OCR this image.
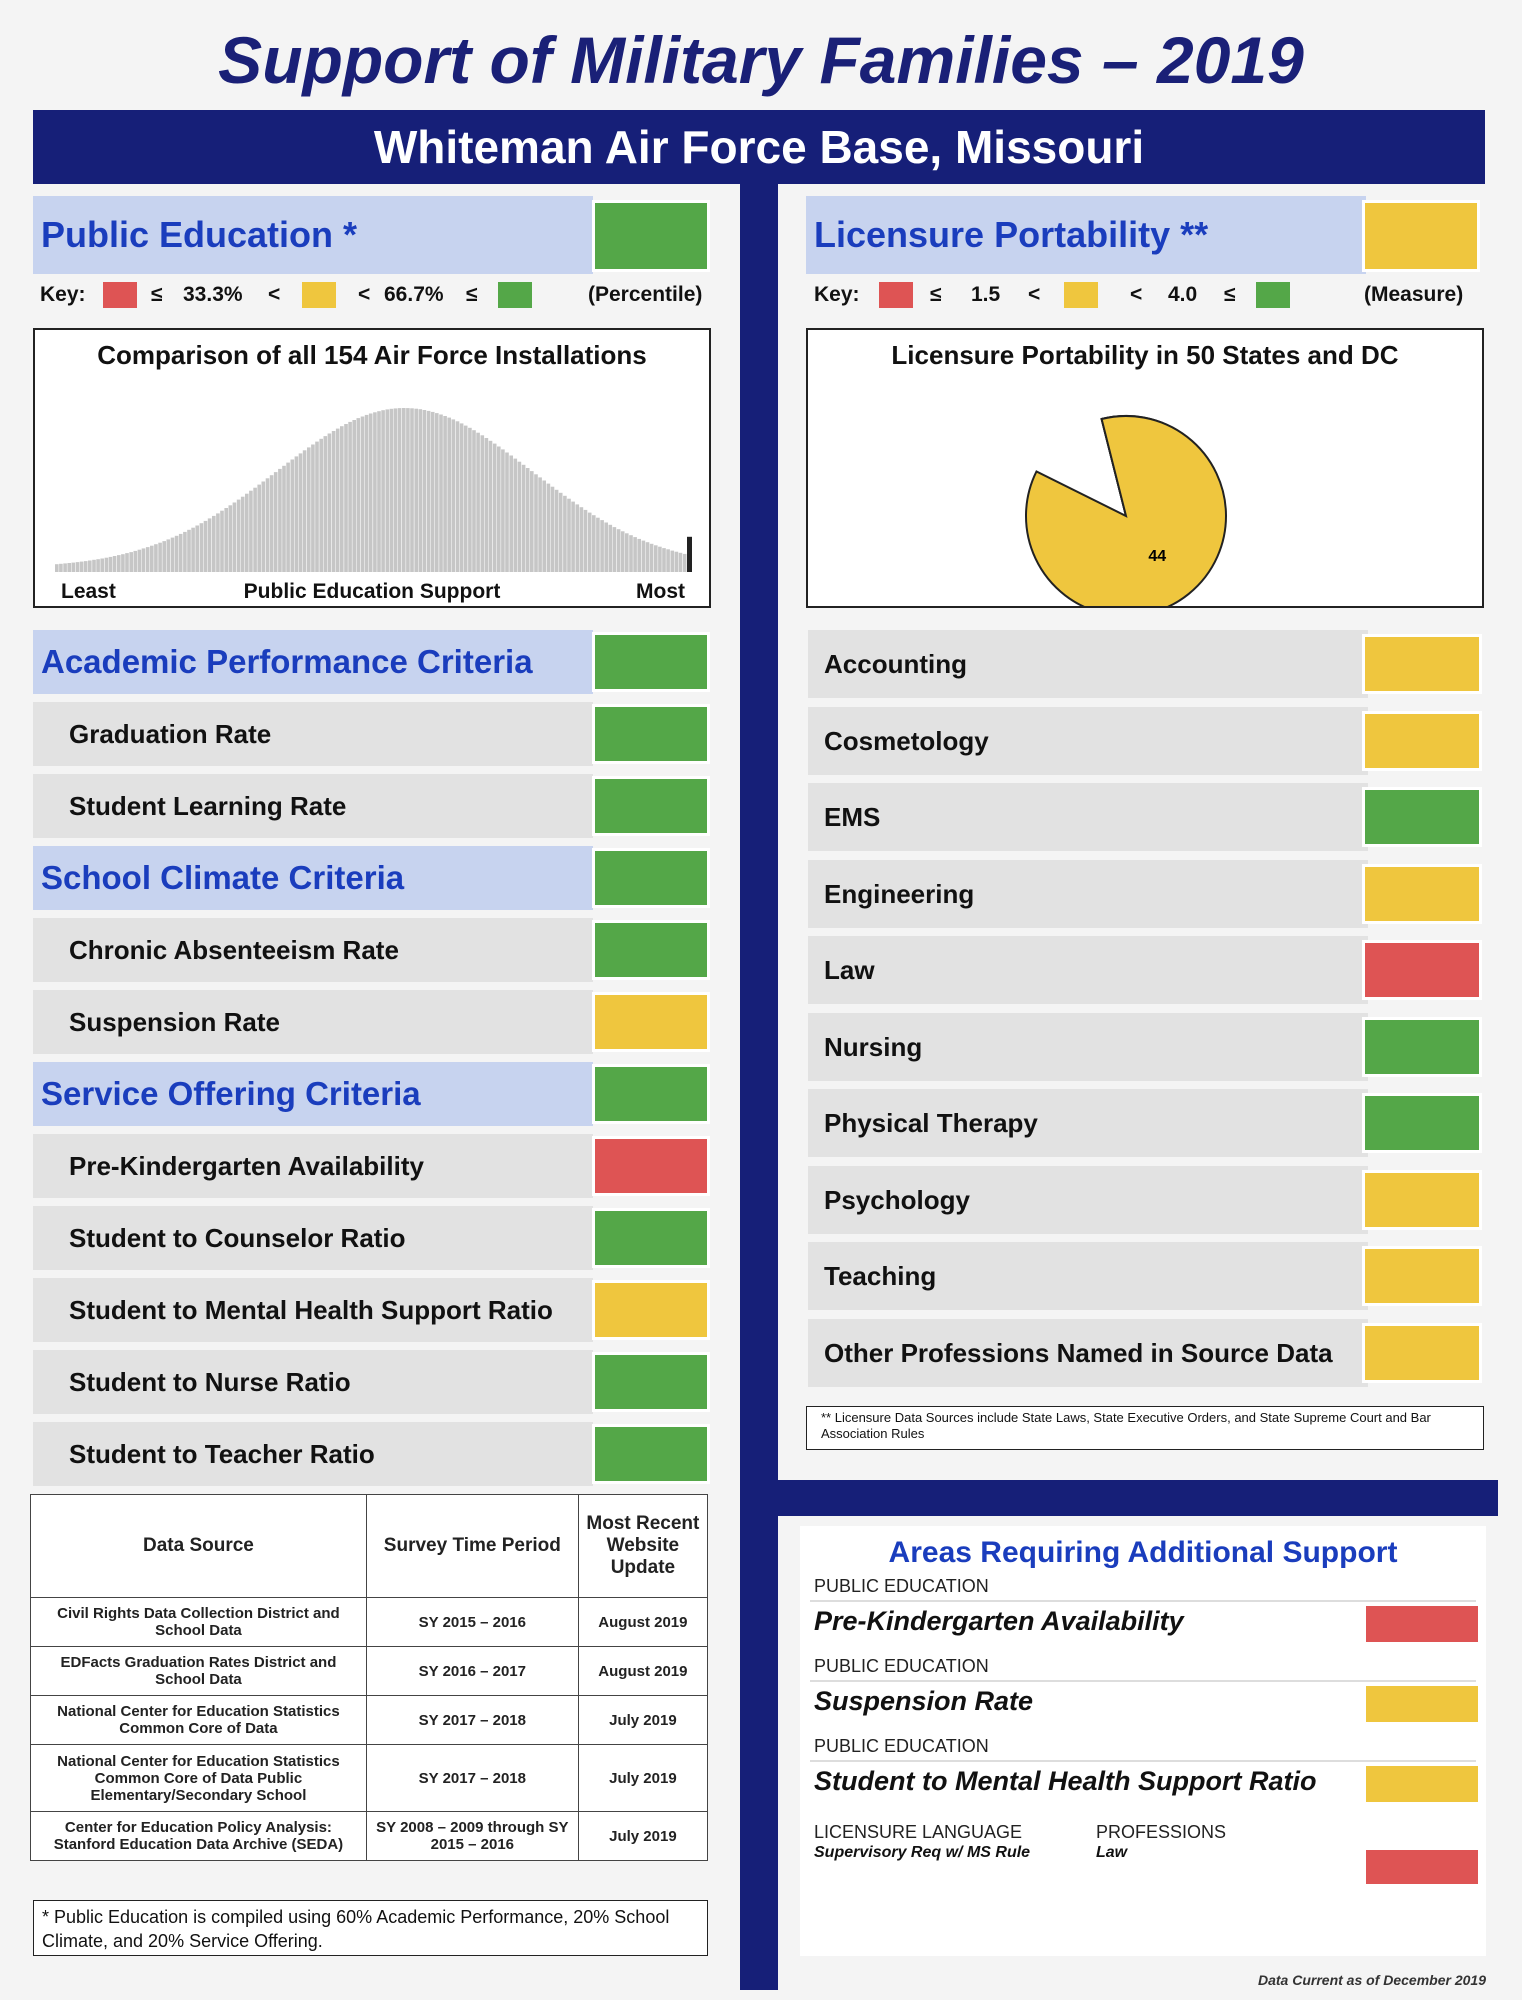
Support of Military Families – 2019
Whiteman Air Force Base, Missouri
Public Education *
Key:	≤ 33.3% <	< 66.7% ≤	(Percentile)
Comparison of all 154 Air Force Installations
Least	Public Education Support	Most
Academic Performance Criteria
Graduation Rate
Student Learning Rate
School Climate Criteria
Chronic Absenteeism Rate
Suspension Rate
Service Offering Criteria
Pre-Kindergarten Availability
Student to Counselor Ratio
Student to Mental Health Support Ratio
Student to Nurse Ratio
Student to Teacher Ratio
Data Source	Survey Time Period	Most Recent Website Update
Civil Rights Data Collection District and School Data	SY 2015 – 2016	August 2019
EDFacts Graduation Rates District and School Data	SY 2016 – 2017	August 2019
National Center for Education Statistics Common Core of Data	SY 2017 – 2018	July 2019
National Center for Education Statistics Common Core of Data Public Elementary/Secondary School	SY 2017 – 2018	July 2019
Center for Education Policy Analysis: Stanford Education Data Archive (SEDA)	SY 2008 – 2009 through SY 2015 – 2016	July 2019
* Public Education is compiled using 60% Academic Performance, 20% School Climate, and 20% Service Offering.
Licensure Portability **
Key:	≤ 1.5 <	< 4.0 ≤	(Measure)
Licensure Portability in 50 States and DC
44
Accounting
Cosmetology
EMS
Engineering
Law
Nursing
Physical Therapy
Psychology
Teaching
Other Professions Named in Source Data
** Licensure Data Sources include State Laws, State Executive Orders, and State Supreme Court and Bar Association Rules
Areas Requiring Additional Support
PUBLIC EDUCATION
Pre-Kindergarten Availability
PUBLIC EDUCATION
Suspension Rate
PUBLIC EDUCATION
Student to Mental Health Support Ratio
LICENSURE LANGUAGE	PROFESSIONS
Supervisory Req w/ MS Rule	Law
Data Current as of December 2019
